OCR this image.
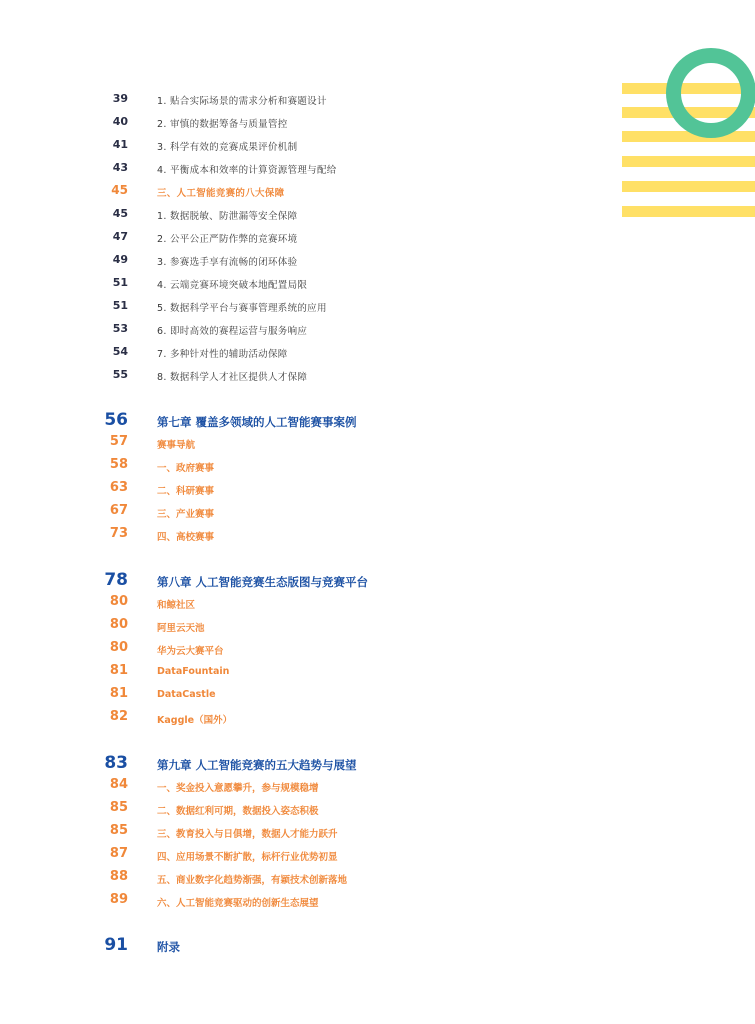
39	1. 贴合实际场景的需求分析和赛题设计
40	2. 审慎的数据筹备与质量管控
41	3. 科学有效的竞赛成果评价机制
43	4. 平衡成本和效率的计算资源管理与配给
45	三、人工智能竞赛的八大保障
45	1. 数据脱敏、防泄漏等安全保障
47	2. 公平公正严防作弊的竞赛环境
49	3. 参赛选手享有流畅的闭环体验
51	4. 云端竞赛环境突破本地配置局限
51	5. 数据科学平台与赛事管理系统的应用
53	6. 即时高效的赛程运营与服务响应
54	7. 多种针对性的辅助活动保障
55	8. 数据科学人才社区提供人才保障
56	第七章 覆盖多领域的人工智能赛事案例
57	赛事导航
58	一、政府赛事
63	二、科研赛事
67	三、产业赛事
73	四、高校赛事
78	第八章 人工智能竞赛生态版图与竞赛平台
80	和鲸社区
80	阿里云天池
80	华为云大赛平台
81	DataFountain
81	DataCastle
82	Kaggle（国外）
83	第九章 人工智能竞赛的五大趋势与展望
84	一、奖金投入意愿攀升，参与规模稳增
85	二、数据红利可期，数据投入姿态积极
85	三、教育投入与日俱增，数据人才能力跃升
87	四、应用场景不断扩散，标杆行业优势初显
88	五、商业数字化趋势渐强，有颖技术创新落地
89	六、人工智能竞赛驱动的创新生态展望
91	附录
